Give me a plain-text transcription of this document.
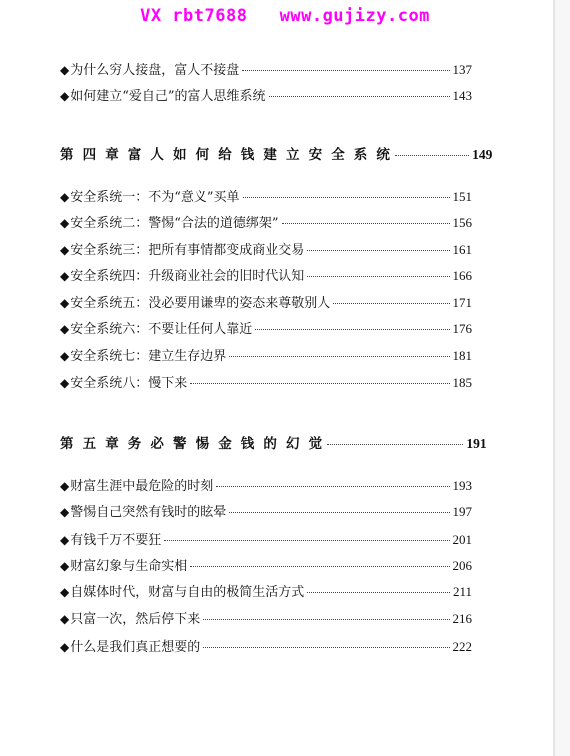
VX rbt7688   www.gujizy.com
◆ 为什么穷人接盘，富人不接盘	137
◆ 如何建立“爱自己”的富人思维系统	143
第 四 章 富 人 如 何 给 钱 建 立 安 全 系 统	149
◆ 安全系统一：不为“意义”买单	151
◆ 安全系统二：警惕“合法的道德绑架”	156
◆ 安全系统三：把所有事情都变成商业交易	161
◆ 安全系统四：升级商业社会的旧时代认知	166
◆ 安全系统五：没必要用谦卑的姿态来尊敬别人	171
◆ 安全系统六：不要让任何人靠近	176
◆ 安全系统七：建立生存边界	181
◆ 安全系统八：慢下来	185
第 五 章 务 必 警 惕 金 钱 的 幻 觉	191
◆ 财富生涯中最危险的时刻	193
◆ 警惕自己突然有钱时的眩晕	197
◆ 有钱千万不要狂	201
◆ 财富幻象与生命实相	206
◆ 自媒体时代，财富与自由的极简生活方式	211
◆ 只富一次，然后停下来	216
◆ 什么是我们真正想要的	222
